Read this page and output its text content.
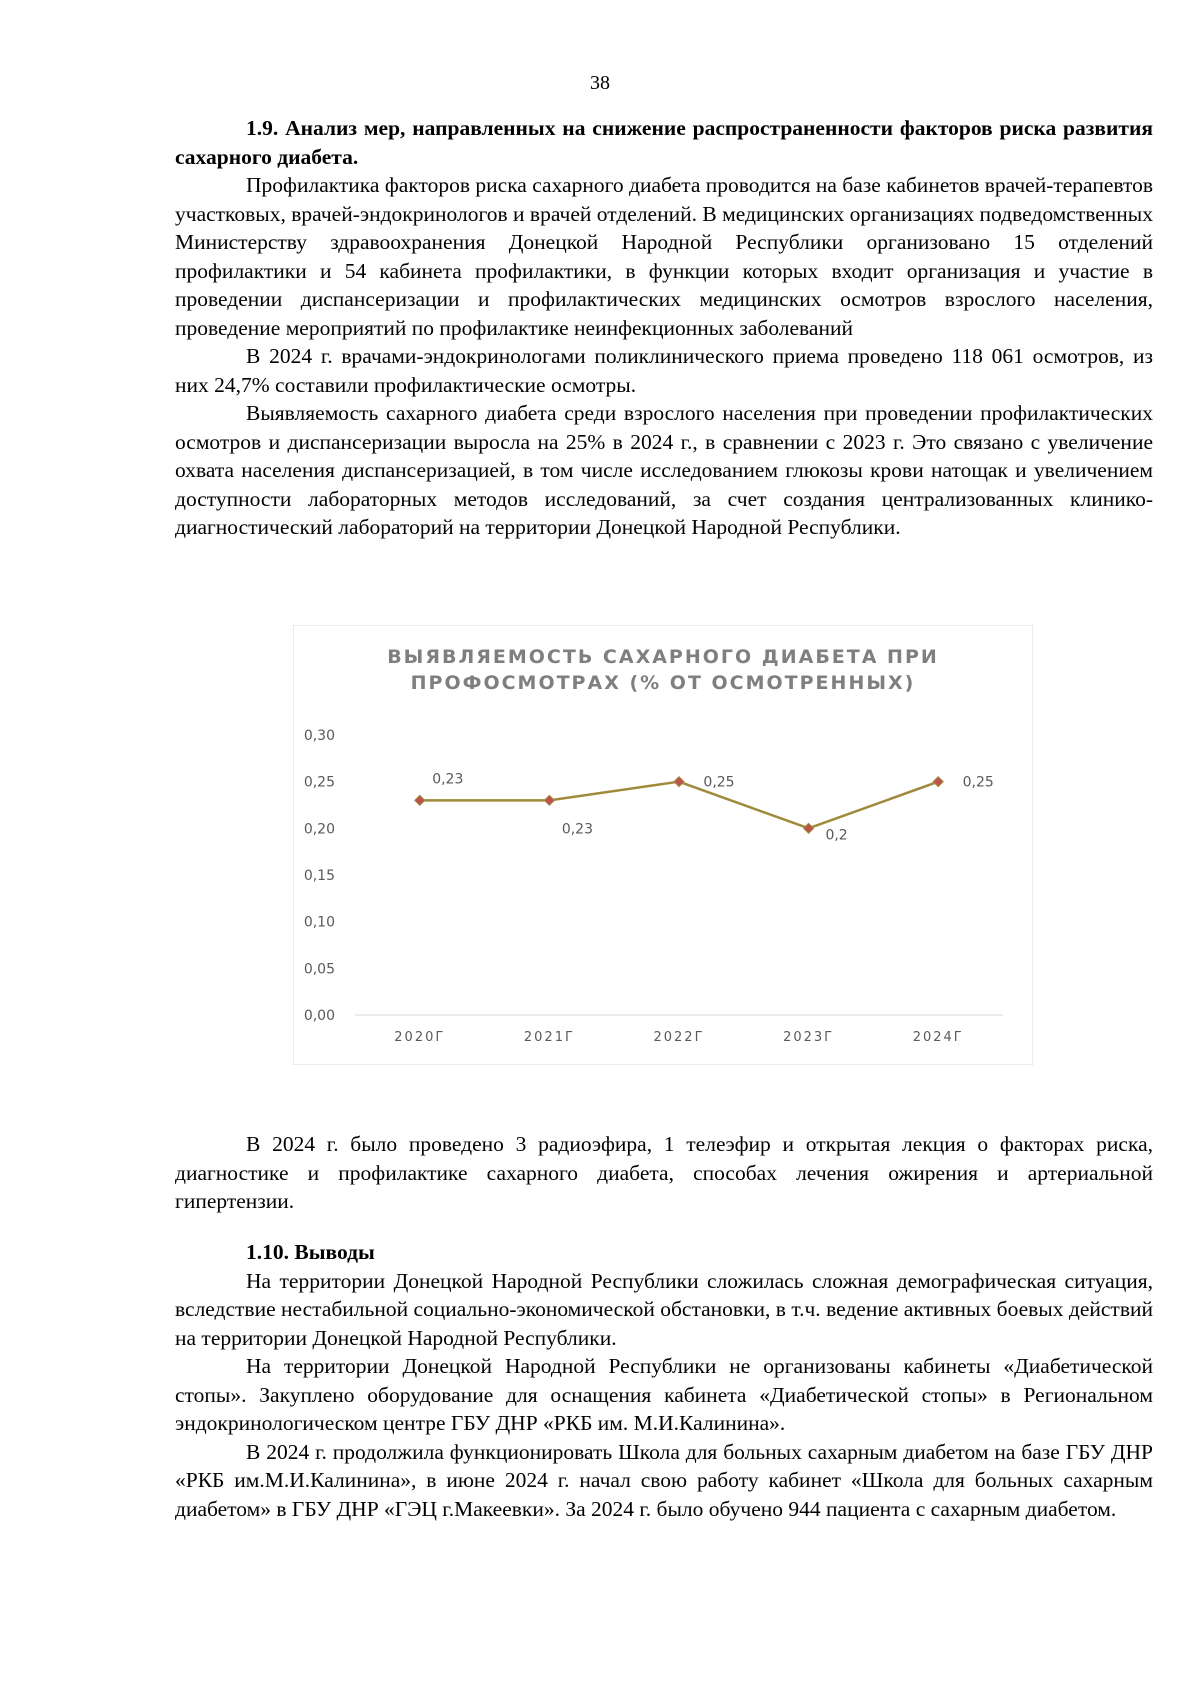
38

1.9. Анализ мер, направленных на снижение распространенности факторов риска развития сахарного диабета.

Профилактика факторов риска сахарного диабета проводится на базе кабинетов врачей-терапевтов участковых, врачей-эндокринологов и врачей отделений. В медицинских организациях подведомственных Министерству здравоохранения Донецкой Народной Республики организовано 15 отделений профилактики и 54 кабинета профилактики, в функции которых входит организация и участие в проведении диспансеризации и профилактических медицинских осмотров взрослого населения, проведение мероприятий по профилактике неинфекционных заболеваний

В 2024 г. врачами-эндокринологами поликлинического приема проведено 118 061 осмотров, из них 24,7% составили профилактические осмотры.

Выявляемость сахарного диабета среди взрослого населения при проведении профилактических осмотров и диспансеризации выросла на 25% в 2024 г., в сравнении с 2023 г. Это связано с увеличение охвата населения диспансеризацией, в том числе исследованием глюкозы крови натощак и увеличением доступности лабораторных методов исследований, за счет создания централизованных клинико-диагностический лабораторий на территории Донецкой Народной Республики.

ВЫЯВЛЯЕМОСТЬ САХАРНОГО ДИАБЕТА ПРИ
ПРОФОСМОТРАХ (% ОТ ОСМОТРЕННЫХ)
0,00
0,05
0,10
0,15
0,20
0,25
0,30
2020Г	2021Г	2022Г	2023Г	2024Г
0,23
0,23
0,25
0,2
0,25

В 2024 г. было проведено 3 радиоэфира, 1 телеэфир и открытая лекция о факторах риска, диагностике и профилактике сахарного диабета, способах лечения ожирения и артериальной гипертензии.

1.10. Выводы

На территории Донецкой Народной Республики сложилась сложная демографическая ситуация, вследствие нестабильной социально-экономической обстановки, в т.ч. ведение активных боевых действий на территории Донецкой Народной Республики.

На территории Донецкой Народной Республики не организованы кабинеты «Диабетической стопы». Закуплено оборудование для оснащения кабинета «Диабетической стопы» в Региональном эндокринологическом центре ГБУ ДНР «РКБ им. М.И.Калинина».

В 2024 г. продолжила функционировать Школа для больных сахарным диабетом на базе ГБУ ДНР «РКБ им.М.И.Калинина», в июне 2024 г. начал свою работу кабинет «Школа для больных сахарным диабетом» в ГБУ ДНР «ГЭЦ г.Макеевки». За 2024 г. было обучено 944 пациента с сахарным диабетом.
